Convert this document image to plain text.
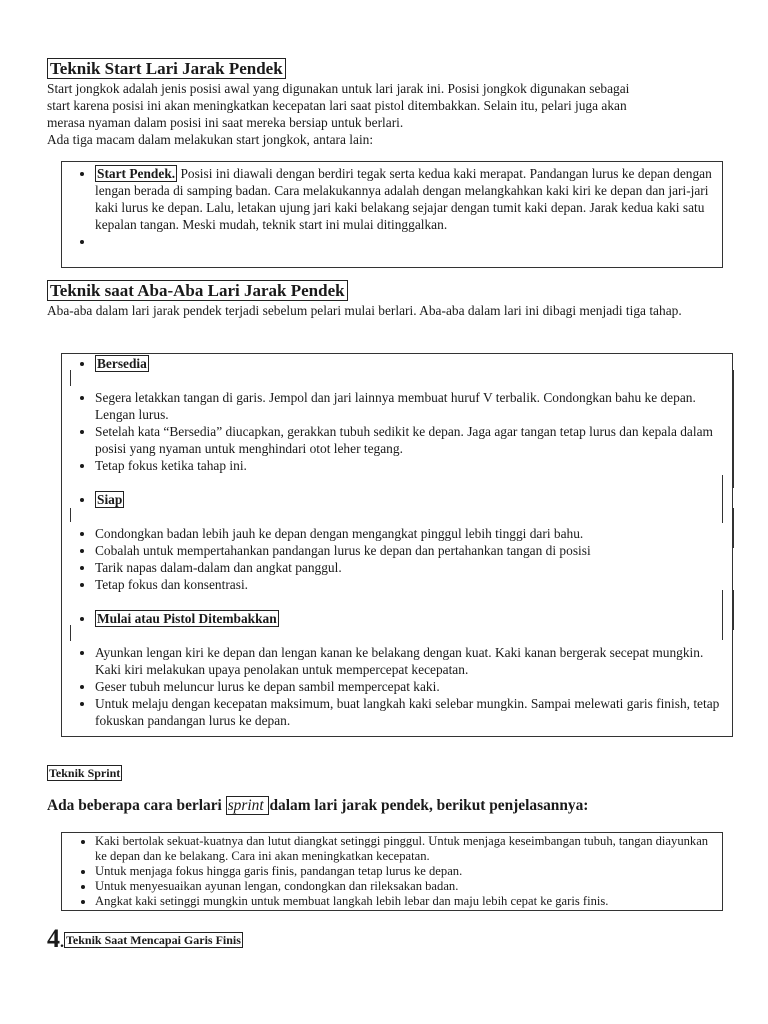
Teknik Start Lari Jarak Pendek

Start jongkok adalah jenis posisi awal yang digunakan untuk lari jarak ini. Posisi jongkok digunakan sebagai

start karena posisi ini akan meningkatkan kecepatan lari saat pistol ditembakkan. Selain itu, pelari juga akan

merasa nyaman dalam posisi ini saat mereka bersiap untuk berlari.

Ada tiga macam dalam melakukan start jongkok, antara lain:

• Start Pendek. Posisi ini diawali dengan berdiri tegak serta kedua kaki merapat. Pandangan lurus ke depan dengan lengan berada di samping badan. Cara melakukannya adalah dengan melangkahkan kaki kiri ke depan dan jari-jari kaki lurus ke depan. Lalu, letakan ujung jari kaki belakang sejajar dengan tumit kaki depan. Jarak kedua kaki satu kepalan tangan. Meski mudah, teknik start ini mulai ditinggalkan.
•
Teknik saat Aba-Aba Lari Jarak Pendek

Aba-aba dalam lari jarak pendek terjadi sebelum pelari mulai berlari. Aba-aba dalam lari ini dibagi menjadi tiga tahap.

• Bersedia
• Segera letakkan tangan di garis. Jempol dan jari lainnya membuat huruf V terbalik. Condongkan bahu ke depan. Lengan lurus.
• Setelah kata “Bersedia” diucapkan, gerakkan tubuh sedikit ke depan. Jaga agar tangan tetap lurus dan kepala dalam posisi yang nyaman untuk menghindari otot leher tegang.
• Tetap fokus ketika tahap ini.
• Siap
• Condongkan badan lebih jauh ke depan dengan mengangkat pinggul lebih tinggi dari bahu.
• Cobalah untuk mempertahankan pandangan lurus ke depan dan pertahankan tangan di posisi
• Tarik napas dalam-dalam dan angkat panggul.
• Tetap fokus dan konsentrasi.
• Mulai atau Pistol Ditembakkan
• Ayunkan lengan kiri ke depan dan lengan kanan ke belakang dengan kuat. Kaki kanan bergerak secepat mungkin. Kaki kiri melakukan upaya penolakan untuk mempercepat kecepatan.
• Geser tubuh meluncur lurus ke depan sambil mempercepat kaki.
• Untuk melaju dengan kecepatan maksimum, buat langkah kaki selebar mungkin. Sampai melewati garis finish, tetap fokuskan pandangan lurus ke depan.
Teknik Sprint
Ada beberapa cara berlari sprint dalam lari jarak pendek, berikut penjelasannya:
• Kaki bertolak sekuat-kuatnya dan lutut diangkat setinggi pinggul. Untuk menjaga keseimbangan tubuh, tangan diayunkan ke depan dan ke belakang. Cara ini akan meningkatkan kecepatan.
• Untuk menjaga fokus hingga garis finis, pandangan tetap lurus ke depan.
• Untuk menyesuaikan ayunan lengan, condongkan dan rileksakan badan.
• Angkat kaki setinggi mungkin untuk membuat langkah lebih lebar dan maju lebih cepat ke garis finis.
4. Teknik Saat Mencapai Garis Finis
